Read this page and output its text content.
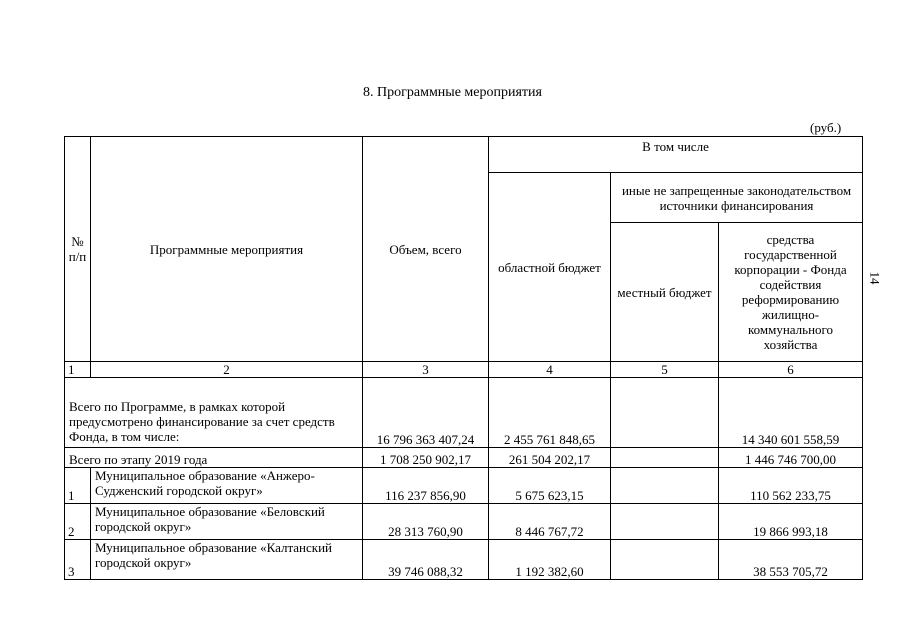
8. Программные мероприятия
(руб.)
14
№ п/п	Программные мероприятия	Объем, всего	В том числе		
			областной бюджет	иные не запрещенные законодательством источники финансирования	
				местный бюджет	средства государственной корпорации - Фонда содействия реформированию жилищно-коммунального хозяйства
1	2	3	4	5	6
Всего по Программе, в рамках которой предусмотрено финансирование за счет средств Фонда, в том числе:		16 796 363 407,24	2 455 761 848,65		14 340 601 558,59
Всего по этапу 2019 года		1 708 250 902,17	261 504 202,17		1 446 746 700,00
1	Муниципальное образование «Анжеро-Судженский городской округ»	116 237 856,90	5 675 623,15		110 562 233,75
2	Муниципальное образование «Беловский городской округ»	28 313 760,90	8 446 767,72		19 866 993,18
3	Муниципальное образование «Калтанский городской округ»	39 746 088,32	1 192 382,60		38 553 705,72
